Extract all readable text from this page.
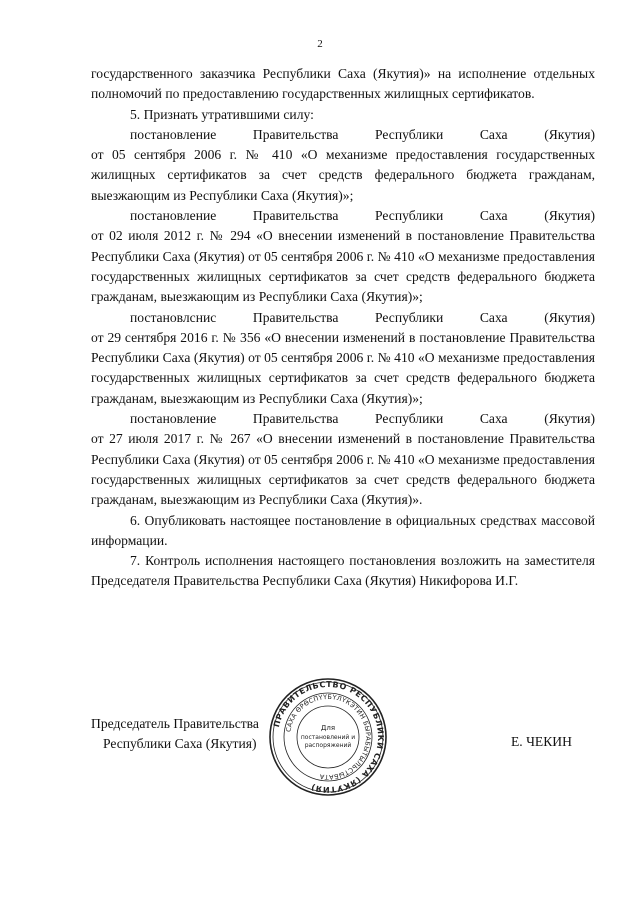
2

государственного заказчика Республики Саха (Якутия)» на исполнение отдельных полномочий по предоставлению государственных жилищных сертификатов.

5. Признать утратившими силу:

постановление Правительства Республики Саха (Якутия)

от 05 сентября 2006 г. № 410 «О механизме предоставления государственных жилищных сертификатов за счет средств федерального бюджета гражданам, выезжающим из Республики Саха (Якутия)»;

постановление Правительства Республики Саха (Якутия)

от 02 июля 2012 г. № 294 «О внесении изменений в постановление Правительства Республики Саха (Якутия) от 05 сентября 2006 г. № 410 «О механизме предоставления государственных жилищных сертификатов за счет средств федерального бюджета гражданам, выезжающим из Республики Саха (Якутия)»;

постановлснис Правительства Республики Саха (Якутия)

от 29 сентября 2016 г. № 356 «О внесении изменений в постановление Правительства Республики Саха (Якутия) от 05 сентября 2006 г. № 410 «О механизме предоставления государственных жилищных сертификатов за счет средств федерального бюджета гражданам, выезжающим из Республики Саха (Якутия)»;

постановление Правительства Республики Саха (Якутия)

от 27 июля 2017 г. № 267 «О внесении изменений в постановление Правительства Республики Саха (Якутия) от 05 сентября 2006 г. № 410 «О механизме предоставления государственных жилищных сертификатов за счет средств федерального бюджета гражданам, выезжающим из Республики Саха (Якутия)».

6. Опубликовать настоящее постановление в официальных средствах массовой информации.

7. Контроль исполнения настоящего постановления возложить на заместителя Председателя Правительства Республики Саха (Якутия) Никифорова И.Г.

Председатель Правительства
Республики Саха (Якутия)
ПРАВИТЕЛЬСТВО РЕСПУБЛИКИ САХА (ЯКУТИЯ)
САХА ӨРӨСПҮҮБҮЛҮКЭТИН БЫРАБЫТЫЛЬСТЫБАТА
Для
постановлений и
распоряжений	Е. ЧЕКИН
